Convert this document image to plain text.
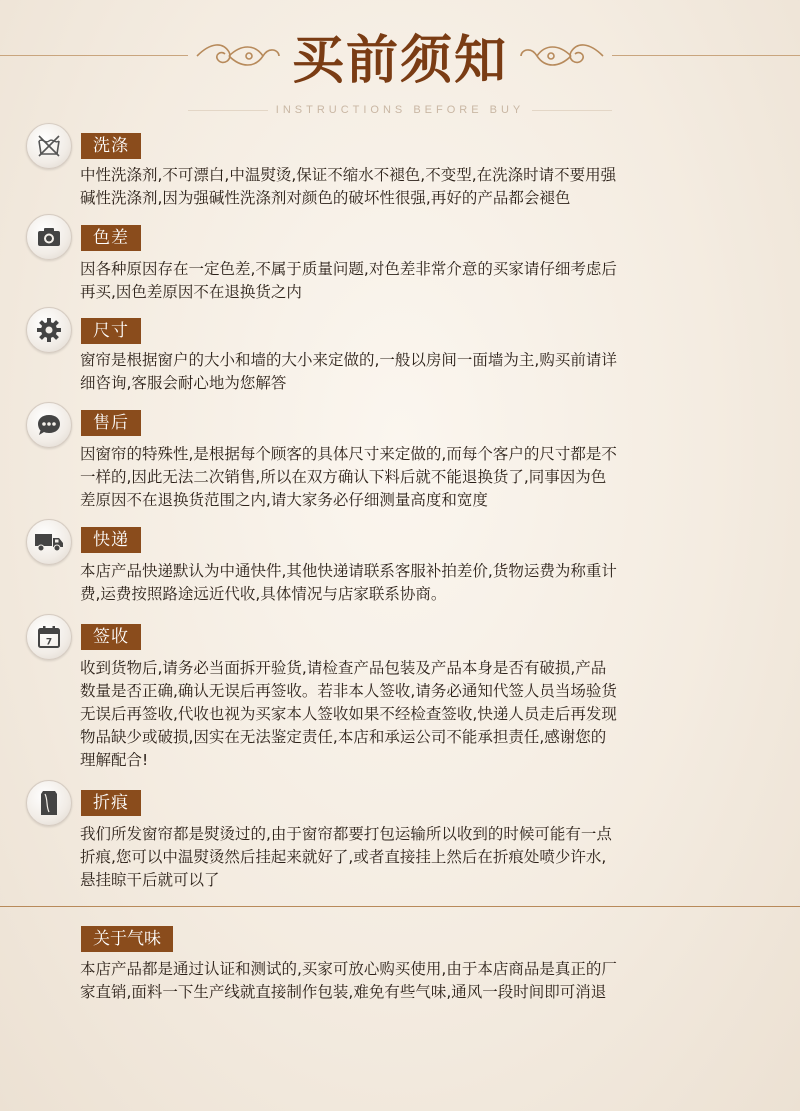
买前须知
INSTRUCTIONS BEFORE BUY
洗涤
中性洗涤剂,不可漂白,中温熨烫,保证不缩水不褪色,不变型,在洗涤时请不要用强
碱性洗涤剂,因为强碱性洗涤剂对颜色的破坏性很强,再好的产品都会褪色
色差
因各种原因存在一定色差,不属于质量问题,对色差非常介意的买家请仔细考虑后
再买,因色差原因不在退换货之内
尺寸
窗帘是根据窗户的大小和墙的大小来定做的,一般以房间一面墙为主,购买前请详
细咨询,客服会耐心地为您解答
售后
因窗帘的特殊性,是根据每个顾客的具体尺寸来定做的,而每个客户的尺寸都是不
一样的,因此无法二次销售,所以在双方确认下料后就不能退换货了,同事因为色
差原因不在退换货范围之内,请大家务必仔细测量高度和宽度
快递
本店产品快递默认为中通快件,其他快递请联系客服补拍差价,货物运费为称重计
费,运费按照路途远近代收,具体情况与店家联系协商。
7	签收
收到货物后,请务必当面拆开验货,请检查产品包装及产品本身是否有破损,产品
数量是否正确,确认无误后再签收。若非本人签收,请务必通知代签人员当场验货
无误后再签收,代收也视为买家本人签收如果不经检查签收,快递人员走后再发现
物品缺少或破损,因实在无法鉴定责任,本店和承运公司不能承担责任,感谢您的
理解配合!
折痕
我们所发窗帘都是熨烫过的,由于窗帘都要打包运输所以收到的时候可能有一点
折痕,您可以中温熨烫然后挂起来就好了,或者直接挂上然后在折痕处喷少许水,
悬挂晾干后就可以了
关于气味
本店产品都是通过认证和测试的,买家可放心购买使用,由于本店商品是真正的厂
家直销,面料一下生产线就直接制作包装,难免有些气味,通风一段时间即可消退
